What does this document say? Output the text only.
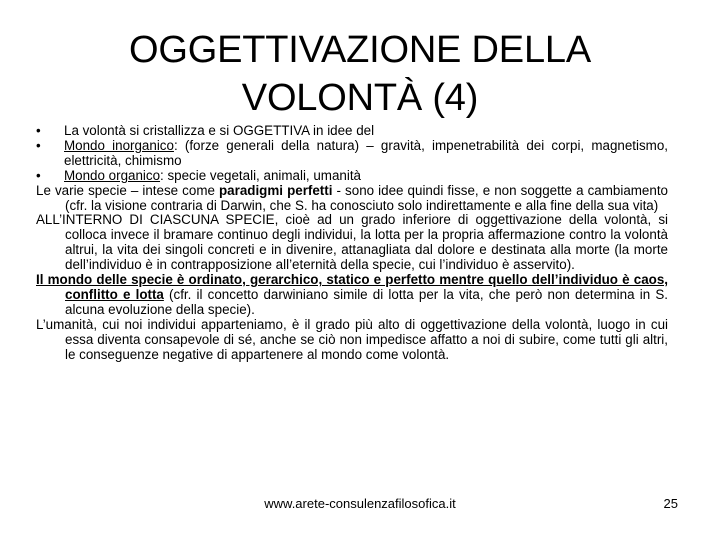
OGGETTIVAZIONE DELLA
VOLONTÀ (4)
• La volontà si cristallizza e si OGGETTIVA in idee del
• Mondo inorganico: (forze generali della natura) – gravità, impenetrabilità dei corpi, magnetismo, elettricità, chimismo
• Mondo organico: specie vegetali, animali, umanità
Le varie specie – intese come paradigmi perfetti - sono idee quindi fisse, e non soggette a cambiamento (cfr. la visione contraria di Darwin, che S. ha conosciuto solo indirettamente e alla fine della sua vita)
ALL’INTERNO DI CIASCUNA SPECIE, cioè ad un grado inferiore di oggettivazione della volontà, si colloca invece il bramare continuo degli individui, la lotta per la propria affermazione contro la volontà altrui, la vita dei singoli concreti e in divenire, attanagliata dal dolore e destinata alla morte (la morte dell’individuo è in contrapposizione all’eternità della specie, cui l’individuo è asservito).
Il mondo delle specie è ordinato, gerarchico, statico e perfetto mentre quello dell’individuo è caos, conflitto e lotta (cfr. il concetto darwiniano simile di lotta per la vita, che però non determina in S. alcuna evoluzione della specie).
L’umanità, cui noi individui apparteniamo, è il grado più alto di oggettivazione della volontà, luogo in cui essa diventa consapevole di sé, anche se ciò non impedisce affatto a noi di subire, come tutti gli altri, le conseguenze negative di appartenere al mondo come volontà.
www.arete-consulenzafilosofica.it	25
